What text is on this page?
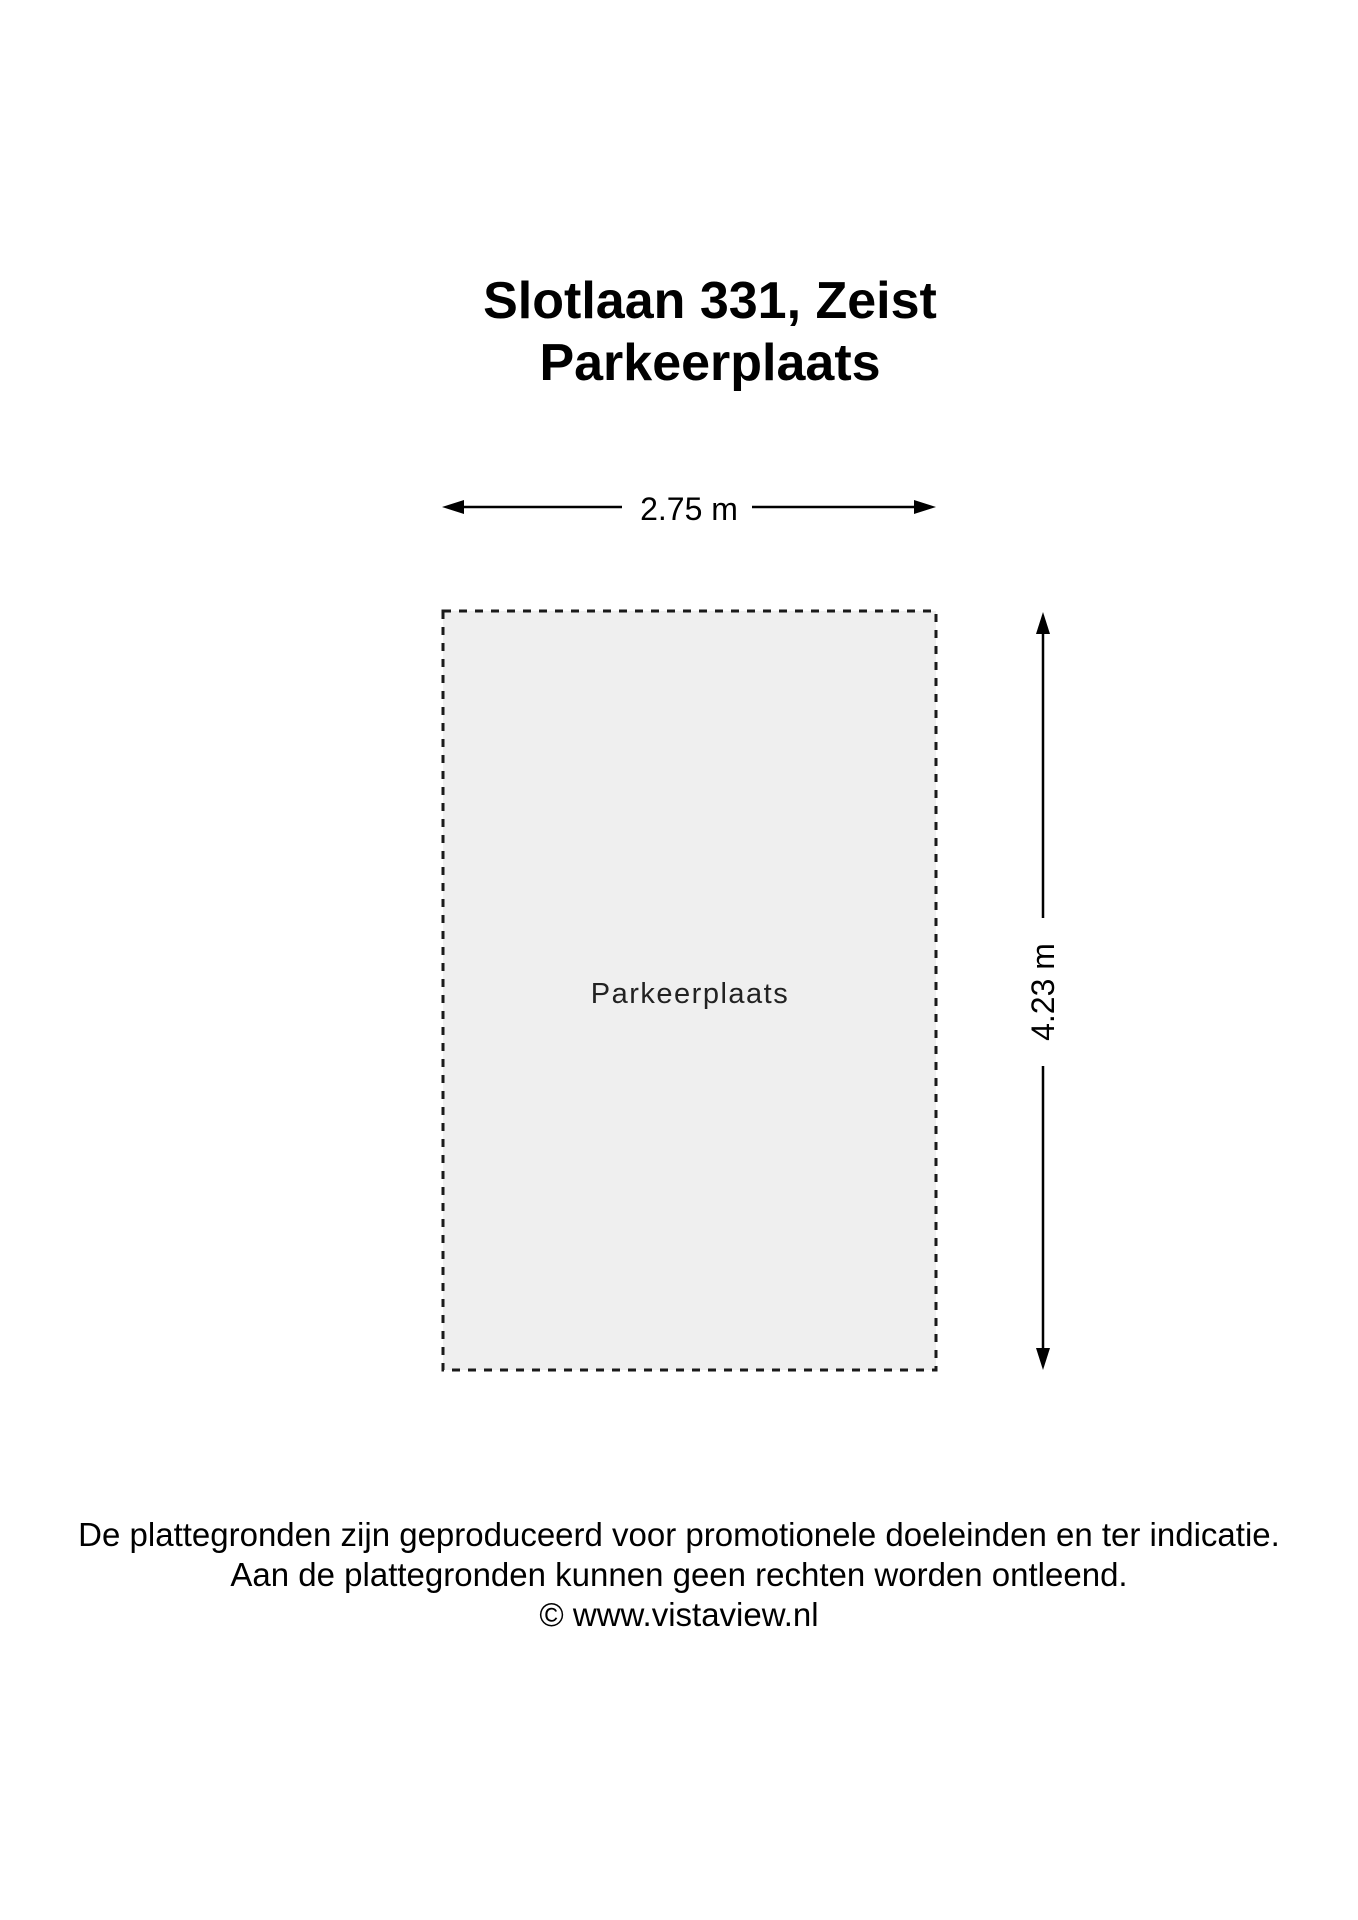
Slotlaan 331, Zeist
Parkeerplaats
2.75 m
Parkeerplaats	4.23 m
De plattegronden zijn geproduceerd voor promotionele doeleinden en ter indicatie.
Aan de plattegronden kunnen geen rechten worden ontleend.
© www.vistaview.nl
